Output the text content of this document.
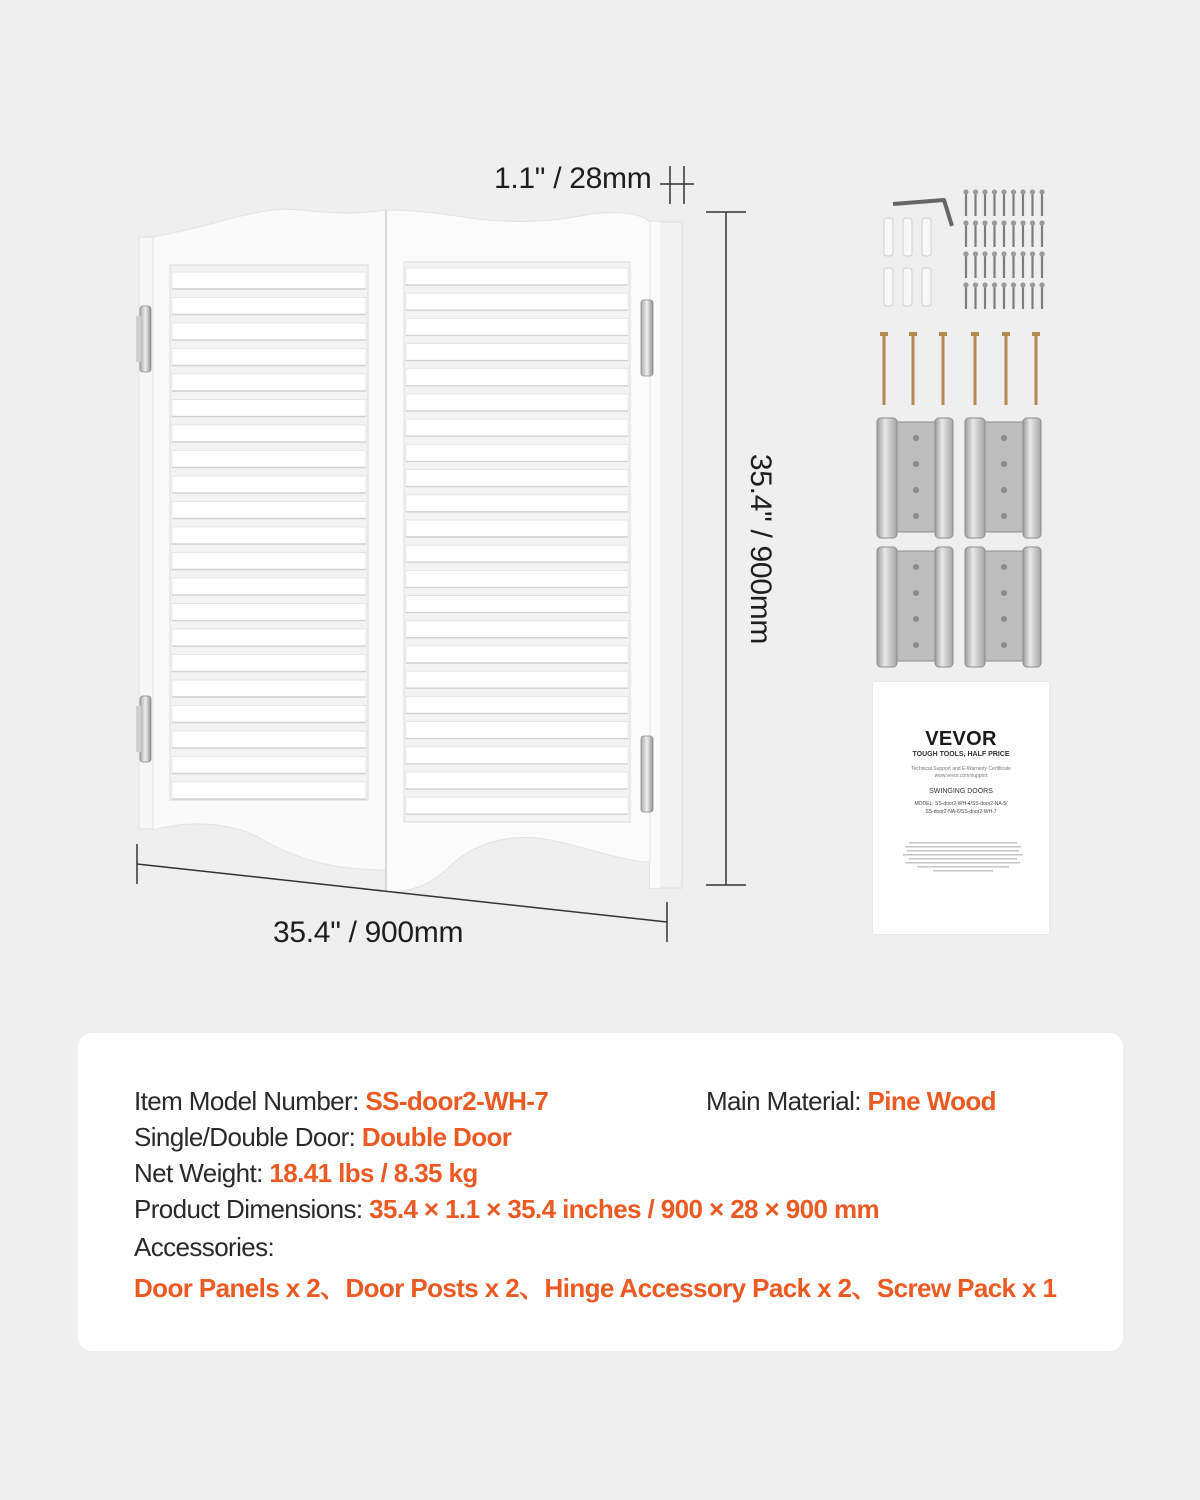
1.1" / 28mm
35.4" / 900mm
35.4" / 900mm
VEVOR
TOUGH TOOLS, HALF PRICE
Technical Support and E-Warranty Certificate
www.vevor.com/support
SWINGING DOORS
MODEL: SS-door2-WH-4/SS-door2-NA-5/
SS-door2-NA-6/SS-door2-WH-7
Item Model Number: SS-door2-WH-7	Main Material: Pine Wood
Single/Double Door: Double Door
Net Weight: 18.41 lbs / 8.35 kg
Product Dimensions: 35.4 × 1.1 × 35.4 inches / 900 × 28 × 900 mm
Accessories:
Door Panels x 2、Door Posts x 2、Hinge Accessory Pack x 2、Screw Pack x 1
